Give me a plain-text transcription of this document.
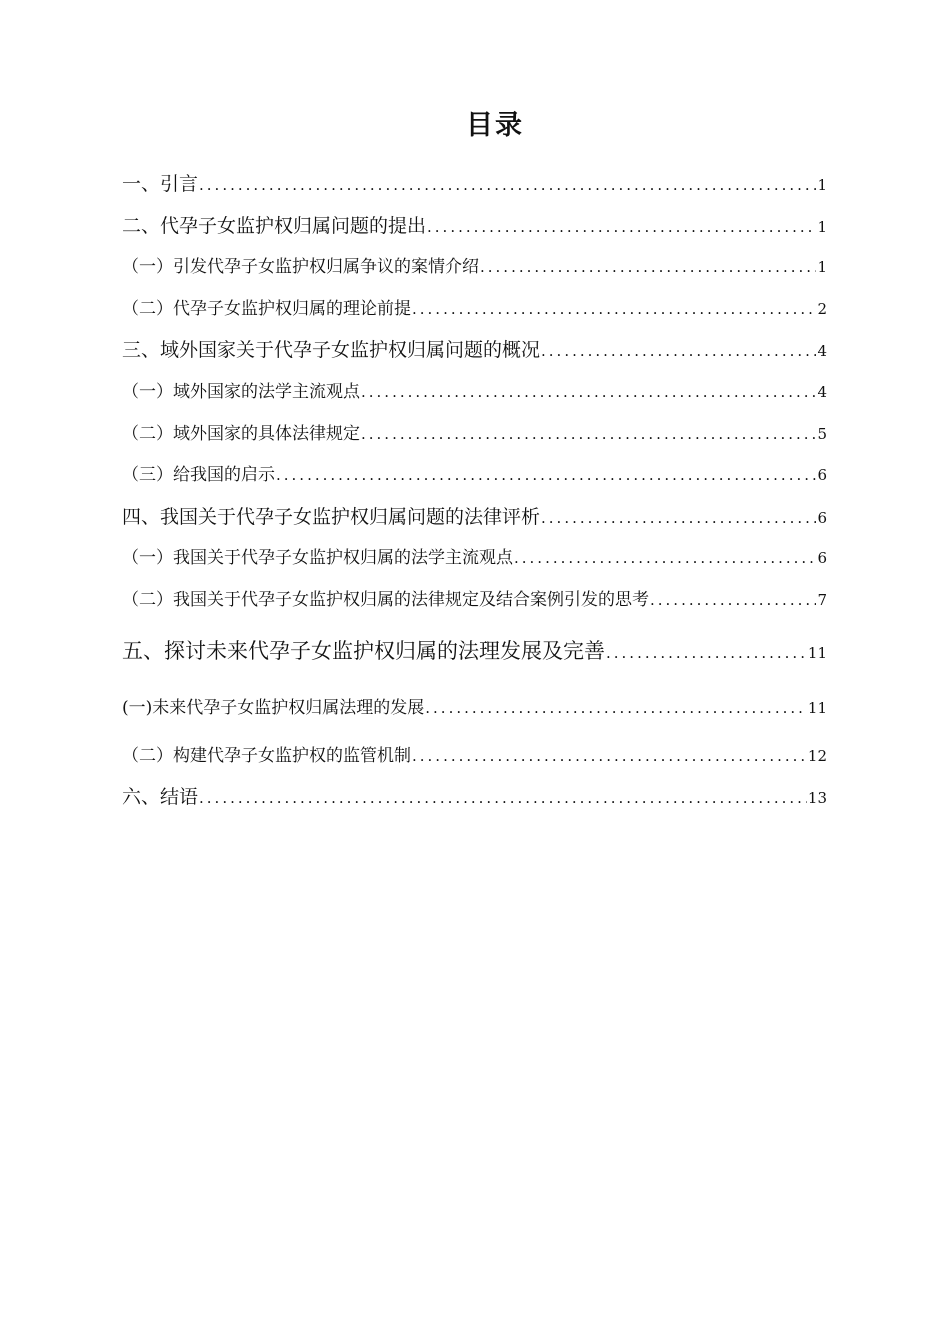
目录
一、引言 .....	1
二、代孕子女监护权归属问题的提出 .....	1
（一）引发代孕子女监护权归属争议的案情介绍 .....	1
（二）代孕子女监护权归属的理论前提 .....	2
三、域外国家关于代孕子女监护权归属问题的概况 .....	4
（一）域外国家的法学主流观点 .....	4
（二）域外国家的具体法律规定 .....	5
（三）给我国的启示 .....	6
四、我国关于代孕子女监护权归属问题的法律评析 .....	6
（一）我国关于代孕子女监护权归属的法学主流观点 .....	6
（二）我国关于代孕子女监护权归属的法律规定及结合案例引发的思考 .....	7
五、探讨未来代孕子女监护权归属的法理发展及完善 .....	11
(一)未来代孕子女监护权归属法理的发展 .....	11
（二）构建代孕子女监护权的监管机制 .....	12
六、结语 .....	13
